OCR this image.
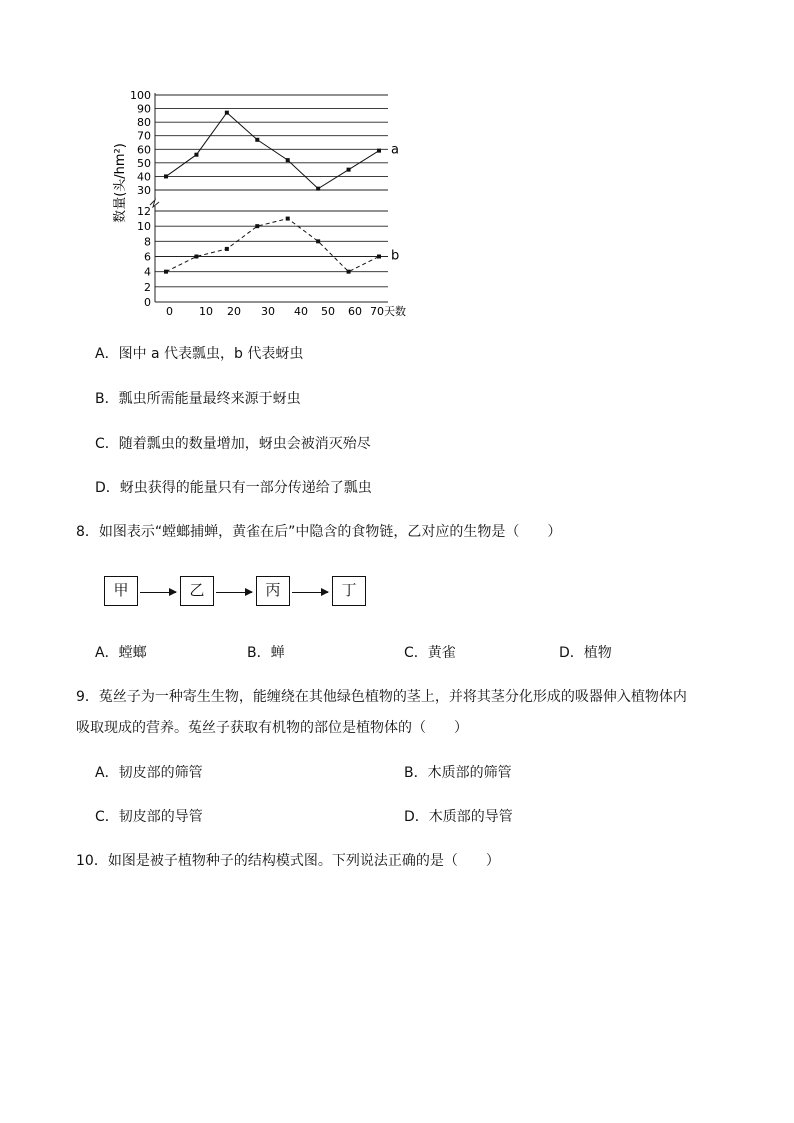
30
40
50
60
70
80
90
100
0
2
4
6
8
10
12
0 10 20 30 40 50 60 70天数
a
b
数量(头/hm²)
A．图中 a 代表瓢虫，b 代表蚜虫
B．瓢虫所需能量最终来源于蚜虫
C．随着瓢虫的数量增加，蚜虫会被消灭殆尽
D．蚜虫获得的能量只有一部分传递给了瓢虫
8．如图表示“螳螂捕蝉，黄雀在后”中隐含的食物链，乙对应的生物是（　　）
甲	乙	丙	丁
A．螳螂	B．蝉	C．黄雀	D．植物
9．菟丝子为一种寄生生物，能缠绕在其他绿色植物的茎上，并将其茎分化形成的吸器伸入植物体内
吸取现成的营养。菟丝子获取有机物的部位是植物体的（　　）
A．韧皮部的筛管	B．木质部的筛管
C．韧皮部的导管	D．木质部的导管
10．如图是被子植物种子的结构模式图。下列说法正确的是（　　）
